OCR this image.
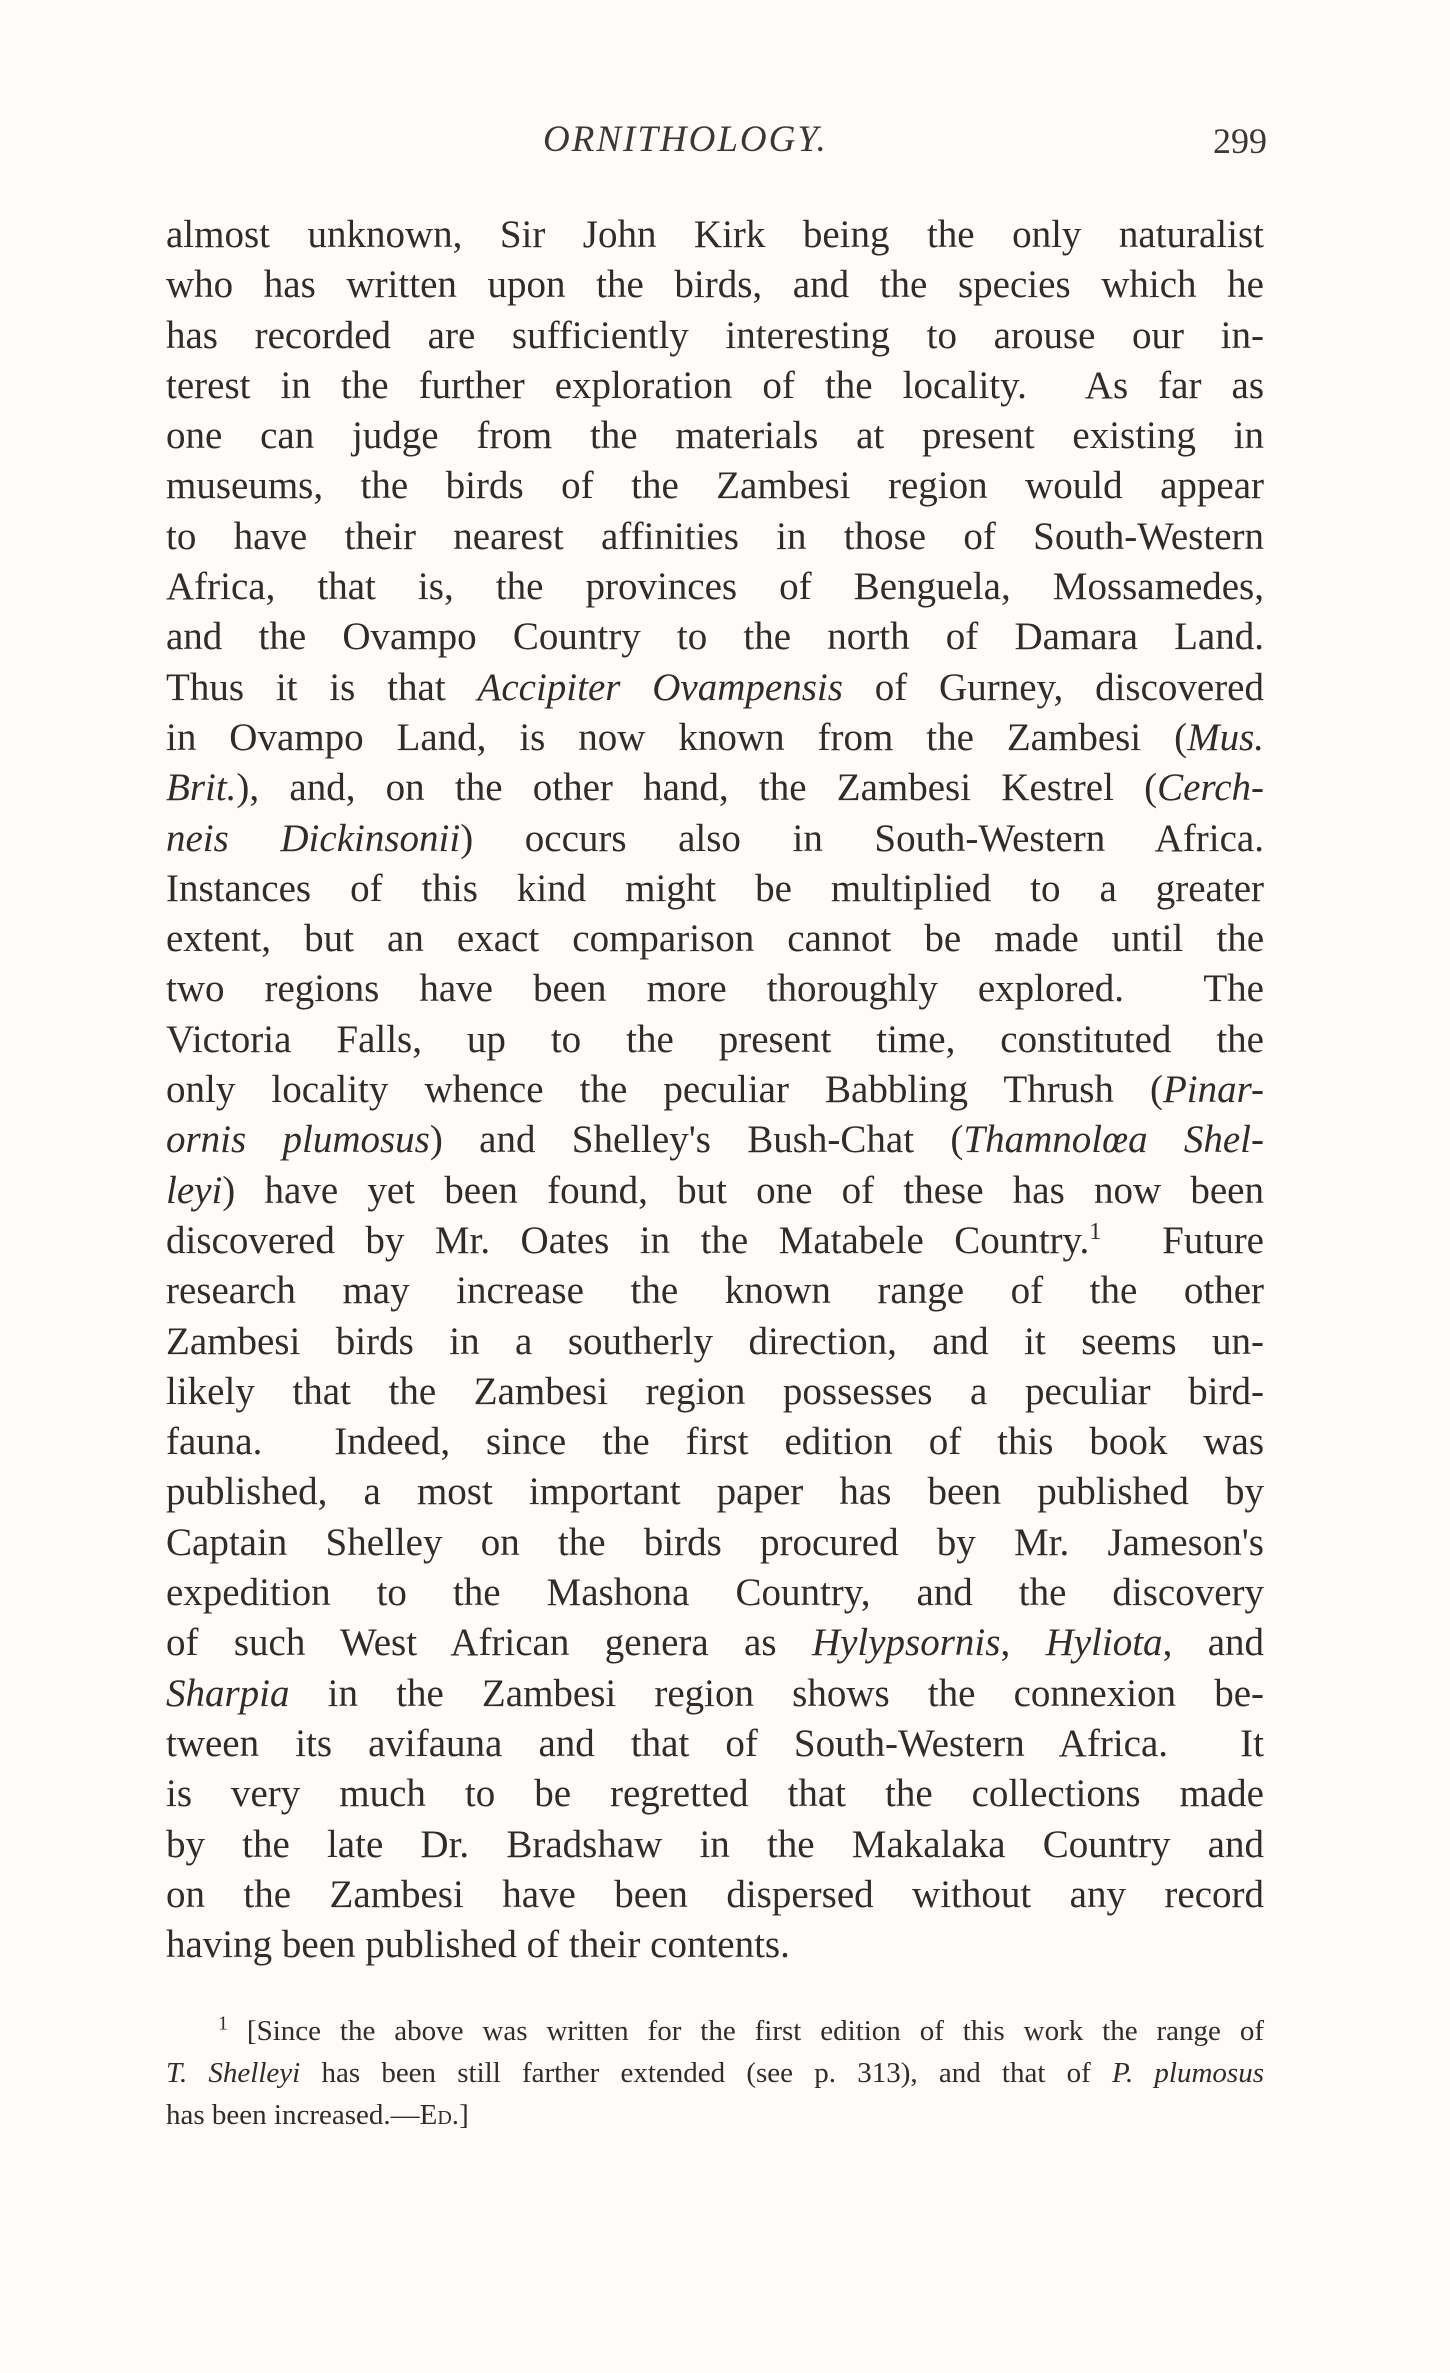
ORNITHOLOGY.	299
almost unknown, Sir John Kirk being the only naturalist
who has written upon the birds, and the species which he
has recorded are sufficiently interesting to arouse our in-
terest in the further exploration of the locality.  As far as
one can judge from the materials at present existing in
museums, the birds of the Zambesi region would appear
to have their nearest affinities in those of South-Western
Africa, that is, the provinces of Benguela, Mossamedes,
and the Ovampo Country to the north of Damara Land.
Thus it is that Accipiter Ovampensis of Gurney, discovered
in Ovampo Land, is now known from the Zambesi (Mus.
Brit.), and, on the other hand, the Zambesi Kestrel (Cerch-
neis Dickinsonii) occurs also in South-Western Africa.
Instances of this kind might be multiplied to a greater
extent, but an exact comparison cannot be made until the
two regions have been more thoroughly explored.  The
Victoria Falls, up to the present time, constituted the
only locality whence the peculiar Babbling Thrush (Pinar-
ornis plumosus) and Shelley's Bush-Chat (Thamnolœa Shel-
leyi) have yet been found, but one of these has now been
discovered by Mr. Oates in the Matabele Country.$^1$  Future
research may increase the known range of the other
Zambesi birds in a southerly direction, and it seems un-
likely that the Zambesi region possesses a peculiar bird-
fauna.  Indeed, since the first edition of this book was
published, a most important paper has been published by
Captain Shelley on the birds procured by Mr. Jameson's
expedition to the Mashona Country, and the discovery
of such West African genera as Hylypsornis, Hyliota, and
Sharpia in the Zambesi region shows the connexion be-
tween its avifauna and that of South-Western Africa.  It
is very much to be regretted that the collections made
by the late Dr. Bradshaw in the Makalaka Country and
on the Zambesi have been dispersed without any record
having been published of their contents.
$^1$ [Since the above was written for the first edition of this work the range of
T. Shelleyi has been still farther extended (see p. 313), and that of P. plumosus
has been increased.—Ed.]
